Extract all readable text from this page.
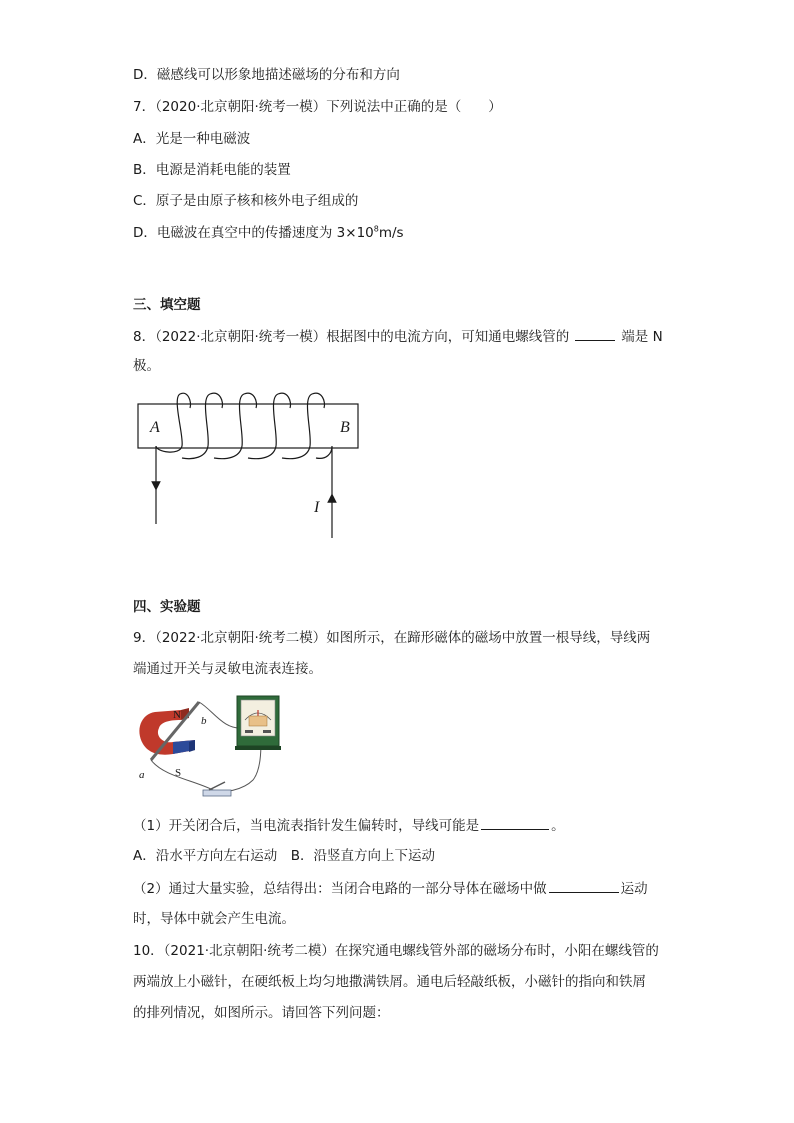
D．磁感线可以形象地描述磁场的分布和方向
7．（2020·北京朝阳·统考一模）下列说法中正确的是（　　）
A．光是一种电磁波
B．电源是消耗电能的装置
C．原子是由原子核和核外电子组成的
D．电磁波在真空中的传播速度为 $3\times 10^8m/s$
三、填空题
8．（2022·北京朝阳·统考一模）根据图中的电流方向，可知通电螺线管的	端是 N
极。
A	B
I
四、实验题
9．（2022·北京朝阳·统考二模）如图所示，在蹄形磁体的磁场中放置一根导线，导线两
端通过开关与灵敏电流表连接。
N
S
a
b
（1）开关闭合后，当电流表指针发生偏转时，导线可能是	。
A．沿水平方向左右运动　B．沿竖直方向上下运动
（2）通过大量实验，总结得出：当闭合电路的一部分导体在磁场中做	运动
时，导体中就会产生电流。
10．（2021·北京朝阳·统考二模）在探究通电螺线管外部的磁场分布时，小阳在螺线管的
两端放上小磁针，在硬纸板上均匀地撒满铁屑。通电后轻敲纸板，小磁针的指向和铁屑
的排列情况，如图所示。请回答下列问题：
